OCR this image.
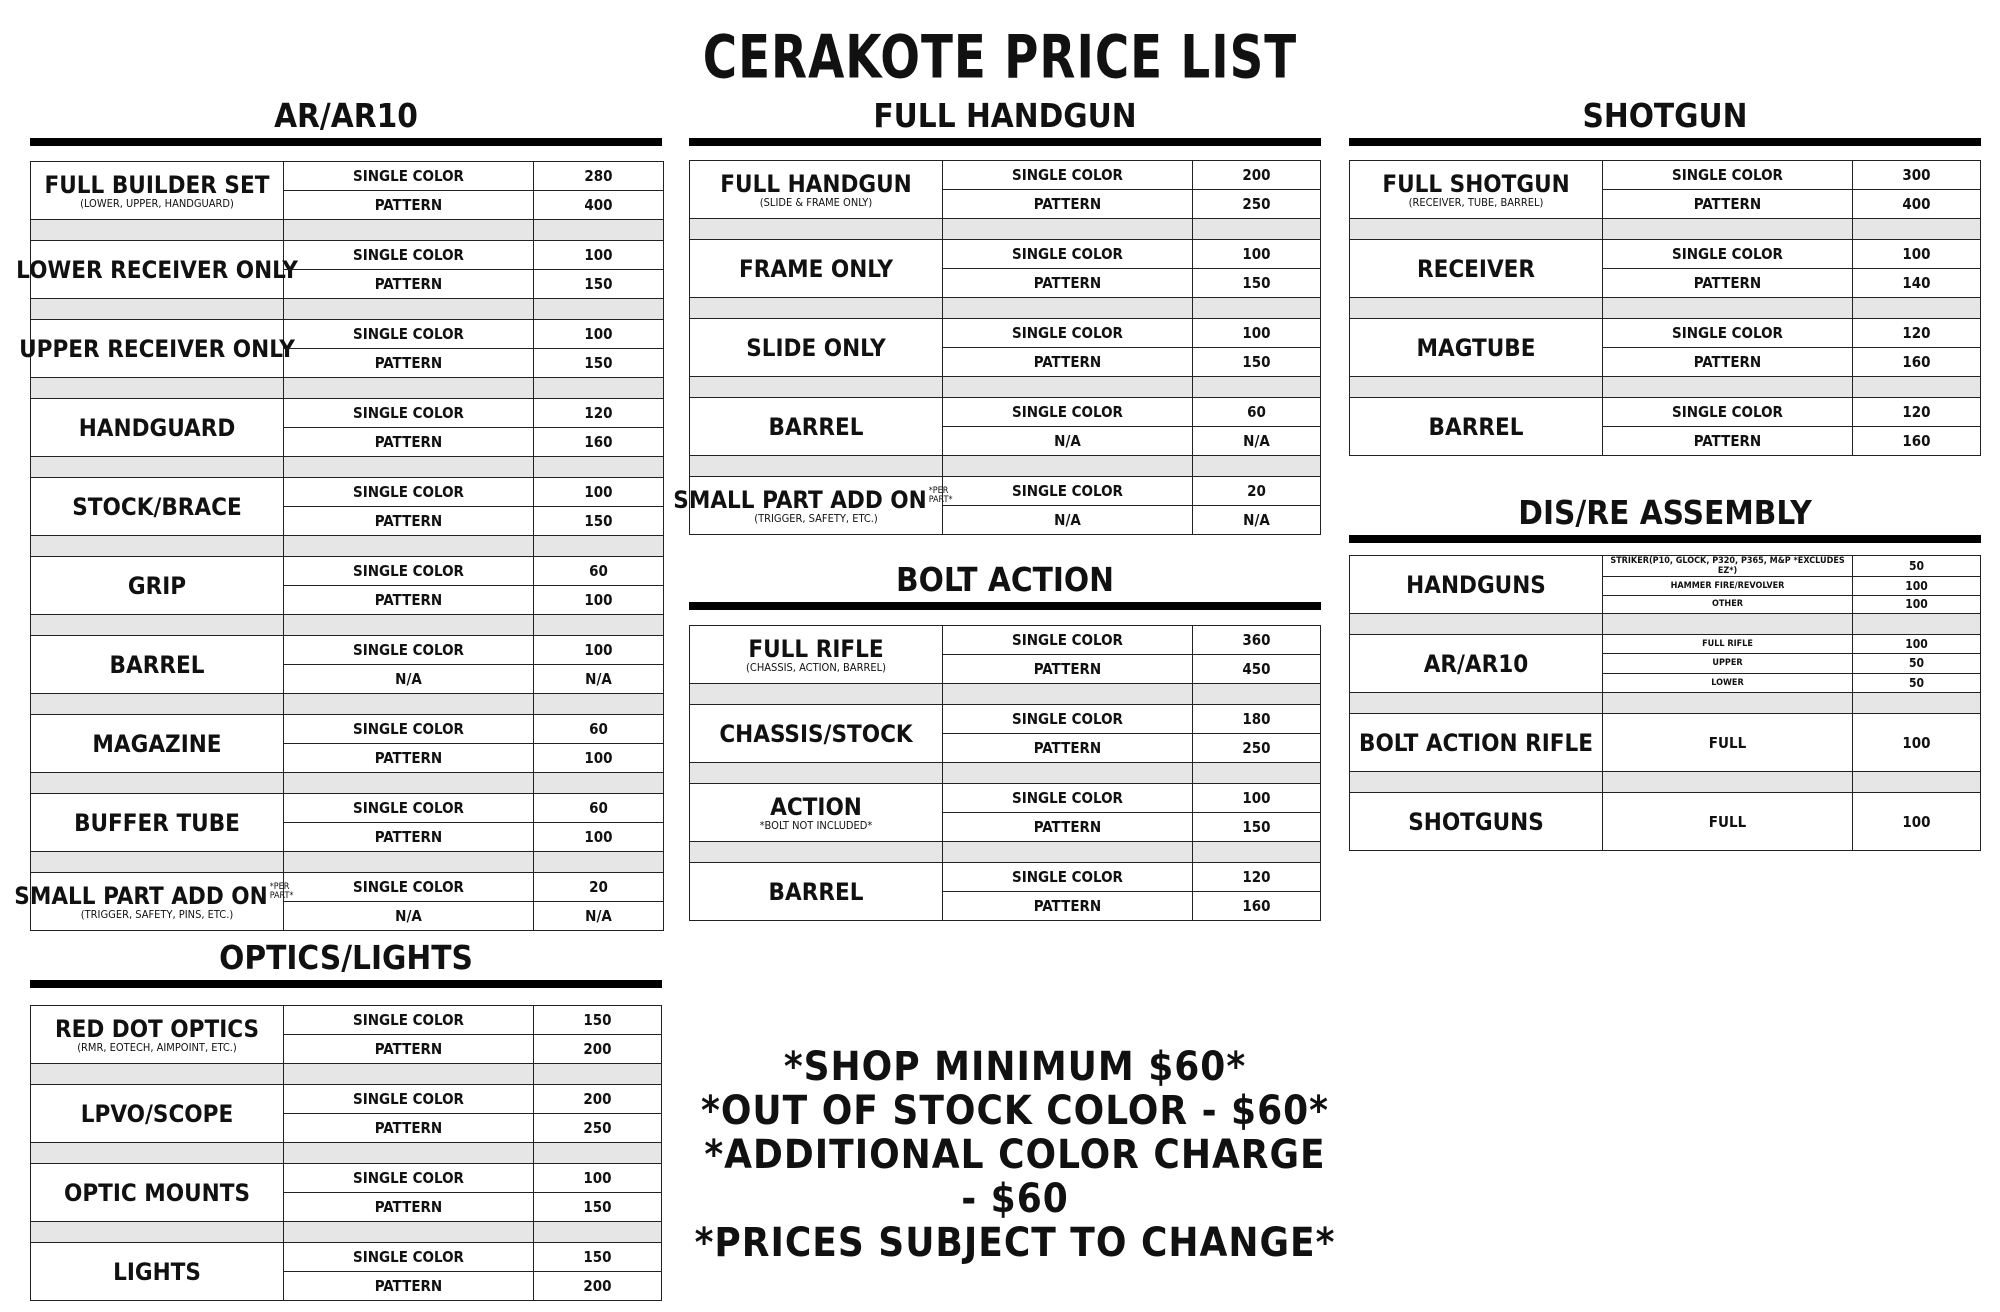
CERAKOTE PRICE LIST
AR/AR10
OPTICS/LIGHTS
FULL HANDGUN
BOLT ACTION
SHOTGUN
DIS/RE ASSEMBLY
FULL BUILDER SET
(LOWER, UPPER, HANDGUARD)
SINGLE COLOR	280
PATTERN	400
LOWER RECEIVER ONLY
SINGLE COLOR	100
PATTERN	150
UPPER RECEIVER ONLY
SINGLE COLOR	100
PATTERN	150
HANDGUARD
SINGLE COLOR	120
PATTERN	160
STOCK/BRACE
SINGLE COLOR	100
PATTERN	150
GRIP
SINGLE COLOR	60
PATTERN	100
BARREL
SINGLE COLOR	100
N/A	N/A
MAGAZINE
SINGLE COLOR	60
PATTERN	100
BUFFER TUBE
SINGLE COLOR	60
PATTERN	100
SMALL PART ADD $ON^{*PER PART*}$
(TRIGGER, SAFETY, PINS, ETC.)
SINGLE COLOR	20
N/A	N/A
RED DOT OPTICS
(RMR, EOTECH, AIMPOINT, ETC.)
SINGLE COLOR	150
PATTERN	200
LPVO/SCOPE
SINGLE COLOR	200
PATTERN	250
OPTIC MOUNTS
SINGLE COLOR	100
PATTERN	150
LIGHTS
SINGLE COLOR	150
PATTERN	200
FULL HANDGUN
(SLIDE & FRAME ONLY)
SINGLE COLOR	200
PATTERN	250
FRAME ONLY
SINGLE COLOR	100
PATTERN	150
SLIDE ONLY
SINGLE COLOR	100
PATTERN	150
BARREL
SINGLE COLOR	60
N/A	N/A
SMALL PART ADD $ON^{*PER PART*}$
(TRIGGER, SAFETY, ETC.)
SINGLE COLOR	20
N/A	N/A
FULL RIFLE
(CHASSIS, ACTION, BARREL)
SINGLE COLOR	360
PATTERN	450
CHASSIS/STOCK
SINGLE COLOR	180
PATTERN	250
ACTION
*BOLT NOT INCLUDED*
SINGLE COLOR	100
PATTERN	150
BARREL
SINGLE COLOR	120
PATTERN	160
FULL SHOTGUN
(RECEIVER, TUBE, BARREL)
SINGLE COLOR	300
PATTERN	400
RECEIVER
SINGLE COLOR	100
PATTERN	140
MAGTUBE
SINGLE COLOR	120
PATTERN	160
BARREL
SINGLE COLOR	120
PATTERN	160
HANDGUNS
STRIKER(P10, GLOCK, P320, P365, M&P *EXCLUDES EZ*)	50
HAMMER FIRE/REVOLVER	100
OTHER	100
AR/AR10
FULL RIFLE	100
UPPER	50
LOWER	50
BOLT ACTION RIFLE	FULL	100
SHOTGUNS	FULL	100
*SHOP MINIMUM $60*
*OUT OF STOCK COLOR - $60*
*ADDITIONAL COLOR CHARGE - $60
*PRICES SUBJECT TO CHANGE*
